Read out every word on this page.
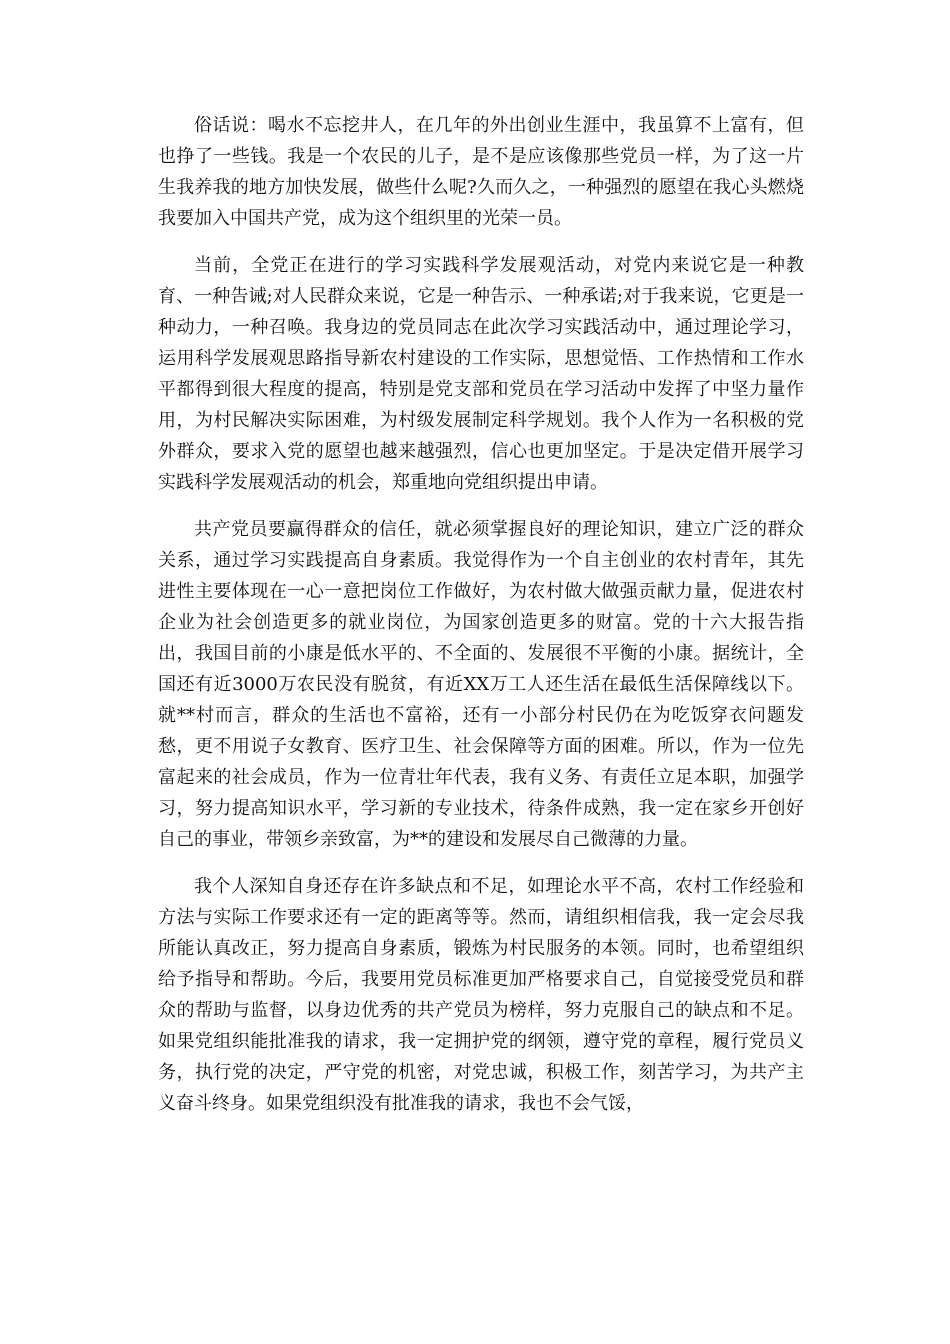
俗话说：喝水不忘挖井人，在几年的外出创业生涯中，我虽算不上富有，但也挣了一些钱。我是一个农民的儿子，是不是应该像那些党员一样，为了这一片生我养我的地方加快发展，做些什么呢?久而久之，一种强烈的愿望在我心头燃烧我要加入中国共产党，成为这个组织里的光荣一员。

当前，全党正在进行的学习实践科学发展观活动，对党内来说它是一种教育、一种告诫;对人民群众来说，它是一种告示、一种承诺;对于我来说，它更是一种动力，一种召唤。我身边的党员同志在此次学习实践活动中，通过理论学习，运用科学发展观思路指导新农村建设的工作实际，思想觉悟、工作热情和工作水平都得到很大程度的提高，特别是党支部和党员在学习活动中发挥了中坚力量作用，为村民解决实际困难，为村级发展制定科学规划。我个人作为一名积极的党外群众，要求入党的愿望也越来越强烈，信心也更加坚定。于是决定借开展学习实践科学发展观活动的机会，郑重地向党组织提出申请。

共产党员要赢得群众的信任，就必须掌握良好的理论知识，建立广泛的群众关系，通过学习实践提高自身素质。我觉得作为一个自主创业的农村青年，其先进性主要体现在一心一意把岗位工作做好，为农村做大做强贡献力量，促进农村企业为社会创造更多的就业岗位，为国家创造更多的财富。党的十六大报告指出，我国目前的小康是低水平的、不全面的、发展很不平衡的小康。据统计，全国还有近3000万农民没有脱贫，有近XX万工人还生活在最低生活保障线以下。就**村而言，群众的生活也不富裕，还有一小部分村民仍在为吃饭穿衣问题发愁，更不用说子女教育、医疗卫生、社会保障等方面的困难。所以，作为一位先富起来的社会成员，作为一位青壮年代表，我有义务、有责任立足本职，加强学习，努力提高知识水平，学习新的专业技术，待条件成熟，我一定在家乡开创好自己的事业，带领乡亲致富，为**的建设和发展尽自己微薄的力量。

我个人深知自身还存在许多缺点和不足，如理论水平不高，农村工作经验和方法与实际工作要求还有一定的距离等等。然而，请组织相信我，我一定会尽我所能认真改正，努力提高自身素质，锻炼为村民服务的本领。同时，也希望组织给予指导和帮助。今后，我要用党员标准更加严格要求自己，自觉接受党员和群众的帮助与监督，以身边优秀的共产党员为榜样，努力克服自己的缺点和不足。如果党组织能批准我的请求，我一定拥护党的纲领，遵守党的章程，履行党员义务，执行党的决定，严守党的机密，对党忠诚，积极工作，刻苦学习，为共产主义奋斗终身。如果党组织没有批准我的请求，我也不会气馁，
